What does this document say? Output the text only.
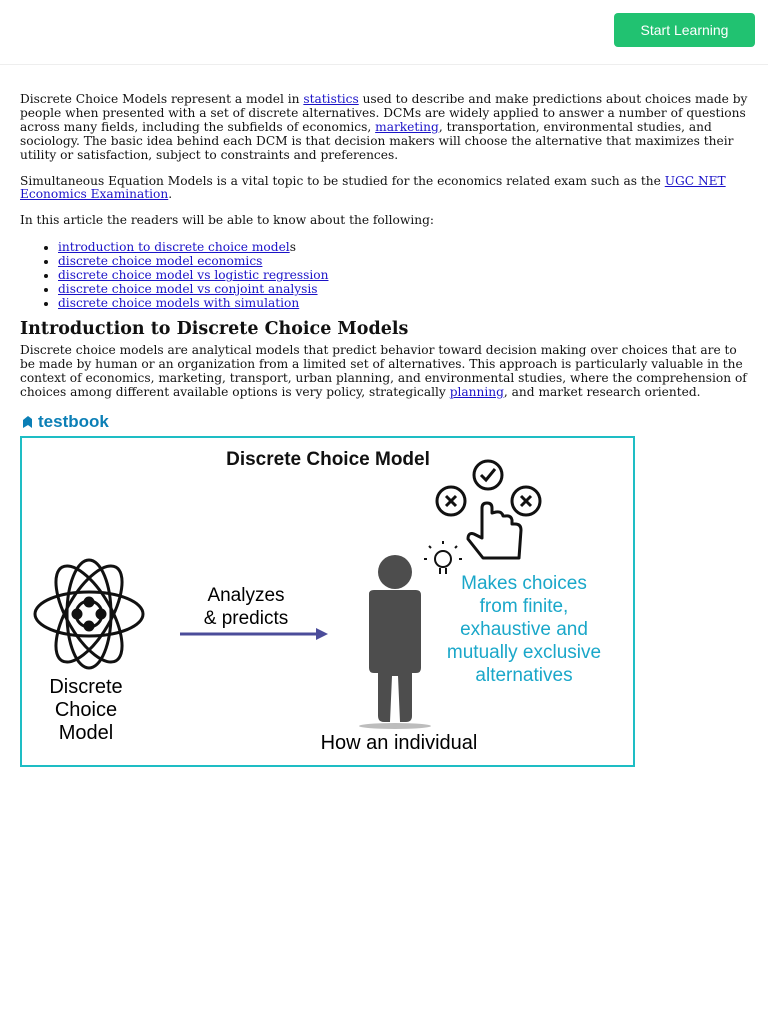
Start Learning

Discrete Choice Models represent a model in statistics used to describe and make predictions about choices made by people when presented with a set of discrete alternatives. DCMs are widely applied to answer a number of questions across many fields, including the subfields of economics, marketing, transportation, environmental studies, and sociology. The basic idea behind each DCM is that decision makers will choose the alternative that maximizes their utility or satisfaction, subject to constraints and preferences.

Simultaneous Equation Models is a vital topic to be studied for the economics related exam such as the UGC NET Economics Examination.

In this article the readers will be able to know about the following:

• introduction to discrete choice models
• discrete choice model economics
• discrete choice model vs logistic regression
• discrete choice model vs conjoint analysis
• discrete choice models with simulation
Introduction to Discrete Choice Models

Discrete choice models are analytical models that predict behavior toward decision making over choices that are to be made by human or an organization from a limited set of alternatives. This approach is particularly valuable in the context of economics, marketing, transport, urban planning, and environmental studies, where the comprehension of choices among different available options is very policy, strategically planning, and market research oriented.

testbook
Discrete Choice Model
Discrete
Choice
Model
Analyzes
& predicts
How an individual
Makes choices
from finite,
exhaustive and
mutually exclusive
alternatives
